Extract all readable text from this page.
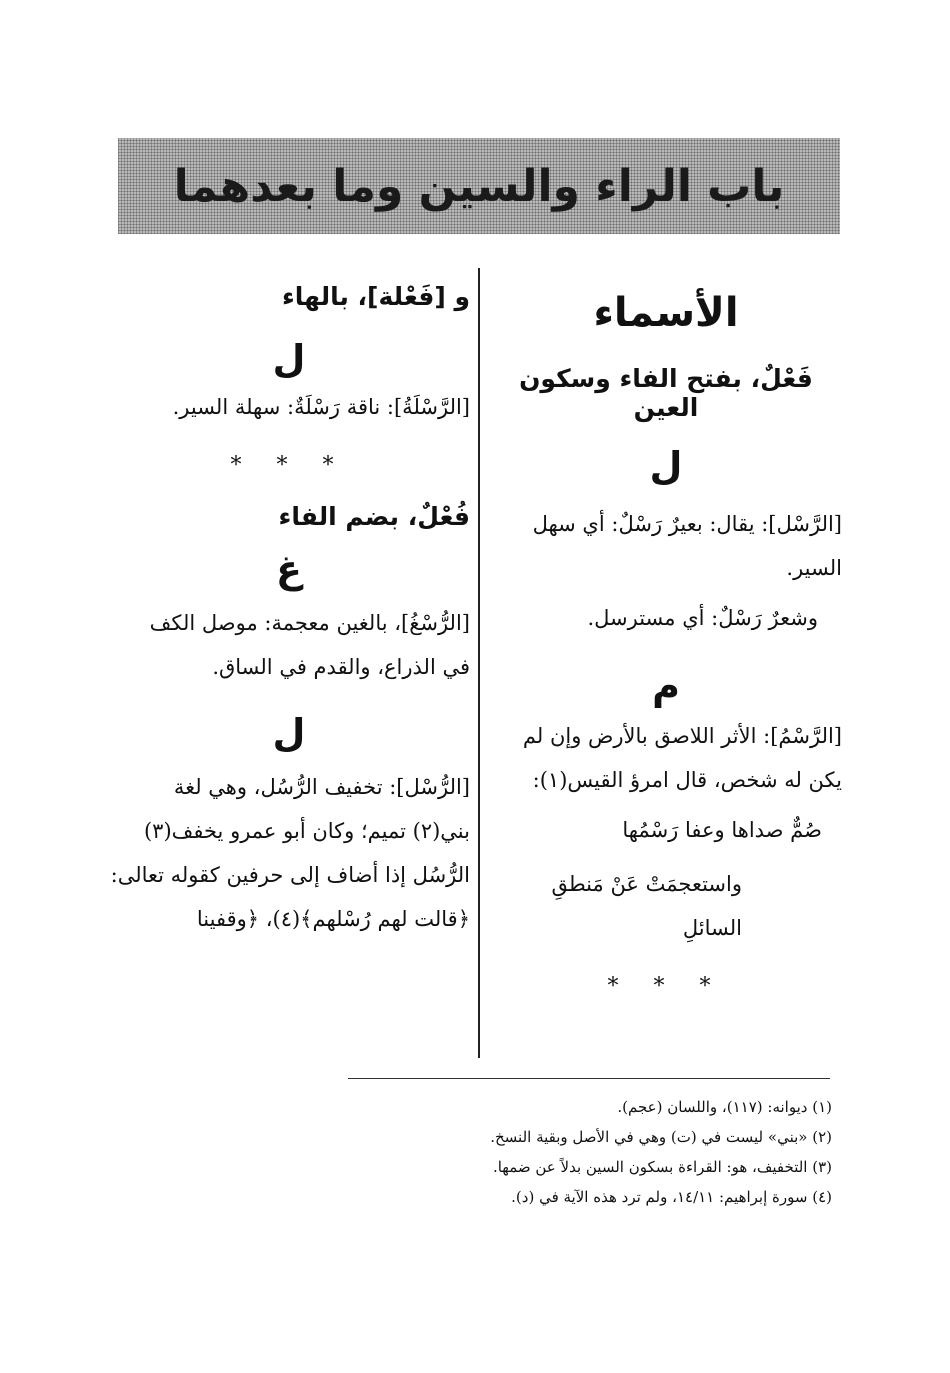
باب الراء والسين وما بعدهما

الأسماء

فَعْلٌ، بفتح الفاء وسكون العين

ل

[الرَّسْل]: يقال: بعيرٌ رَسْلٌ: أي سهل

السير.

وشعرٌ رَسْلٌ: أي مسترسل.

م

[الرَّسْمُ]: الأثر اللاصق بالأرض وإن لم

يكن له شخص، قال امرؤ القيس(١):

صُمٌّ صداها وعفا رَسْمُها

واستعجمَتْ عَنْ مَنطقِ السائلِ

* * *

و [فَعْلة]، بالهاء

ل

[الرَّسْلَةُ]: ناقة رَسْلَةٌ: سهلة السير.

* * *

فُعْلٌ، بضم الفاء

غ

[الرُّسْغُ]، بالغين معجمة: موصل الكف

في الذراع، والقدم في الساق.

ل

[الرُّسْل]: تخفيف الرُّسُل، وهي لغة

بني(٢) تميم؛ وكان أبو عمرو يخفف(٣)

الرُّسُل إذا أضاف إلى حرفين كقوله تعالى:

﴿قالت لهم رُسْلهم﴾(٤)، ﴿وقفينا

(١) ديوانه: (١١٧)، واللسان (عجم).

(٢) «بني» ليست في (ت) وهي في الأصل وبقية النسخ.

(٣) التخفيف، هو: القراءة بسكون السين بدلاً عن ضمها.

(٤) سورة إبراهيم: ١٤/١١، ولم ترد هذه الآية في (د).
